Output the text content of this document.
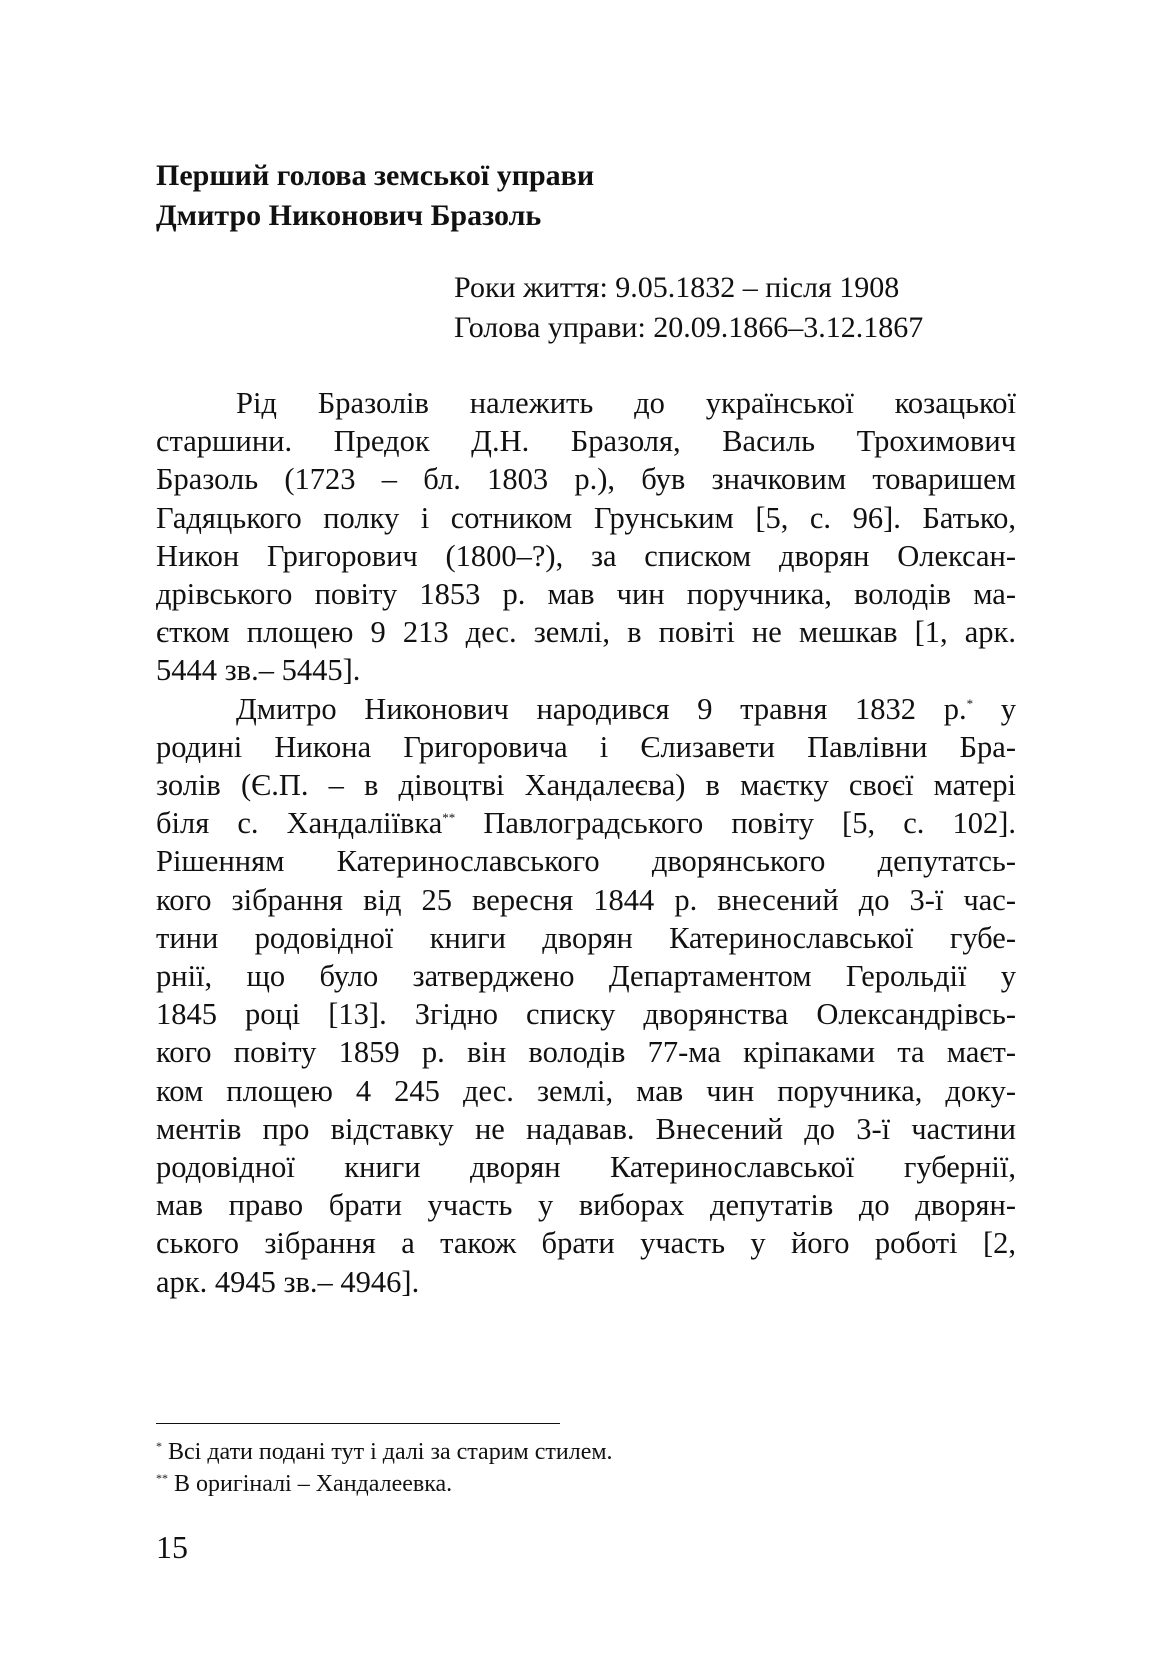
Перший голова земської управи
Дмитро Никонович Бразоль
Роки життя: 9.05.1832 – після 1908
Голова управи: 20.09.1866–3.12.1867
Рід Бразолів належить до української козацької
старшини. Предок Д.Н. Бразоля, Василь Трохимович
Бразоль (1723 – бл. 1803 р.), був значковим товаришем
Гадяцького полку і сотником Грунським [5, с. 96]. Батько,
Никон Григорович (1800–?), за списком дворян Олексан-
дрівського повіту 1853 р. мав чин поручника, володів ма-
єтком площею 9 213 дес. землі, в повіті не мешкав [1, арк.
5444 зв.– 5445].
Дмитро Никонович народився 9 травня 1832 р.* у
родині Никона Григоровича і Єлизавети Павлівни Бра-
золів (Є.П. – в дівоцтві Хандалеєва) в маєтку своєї матері
біля с. Хандаліївка** Павлоградського повіту [5, с. 102].
Рішенням Катеринославського дворянського депутатсь-
кого зібрання від 25 вересня 1844 р. внесений до 3-ї час-
тини родовідної книги дворян Катеринославської губе-
рнії, що було затверджено Департаментом Герольдії у
1845 році [13]. Згідно списку дворянства Олександрівсь-
кого повіту 1859 р. він володів 77-ма кріпаками та маєт-
ком площею 4 245 дес. землі, мав чин поручника, доку-
ментів про відставку не надавав. Внесений до 3-ї частини
родовідної книги дворян Катеринославської губернії,
мав право брати участь у виборах депутатів до дворян-
ського зібрання а також брати участь у його роботі [2,
арк. 4945 зв.– 4946].
* Всі дати подані тут і далі за старим стилем.
** В оригіналі – Хандалеевка.
15
